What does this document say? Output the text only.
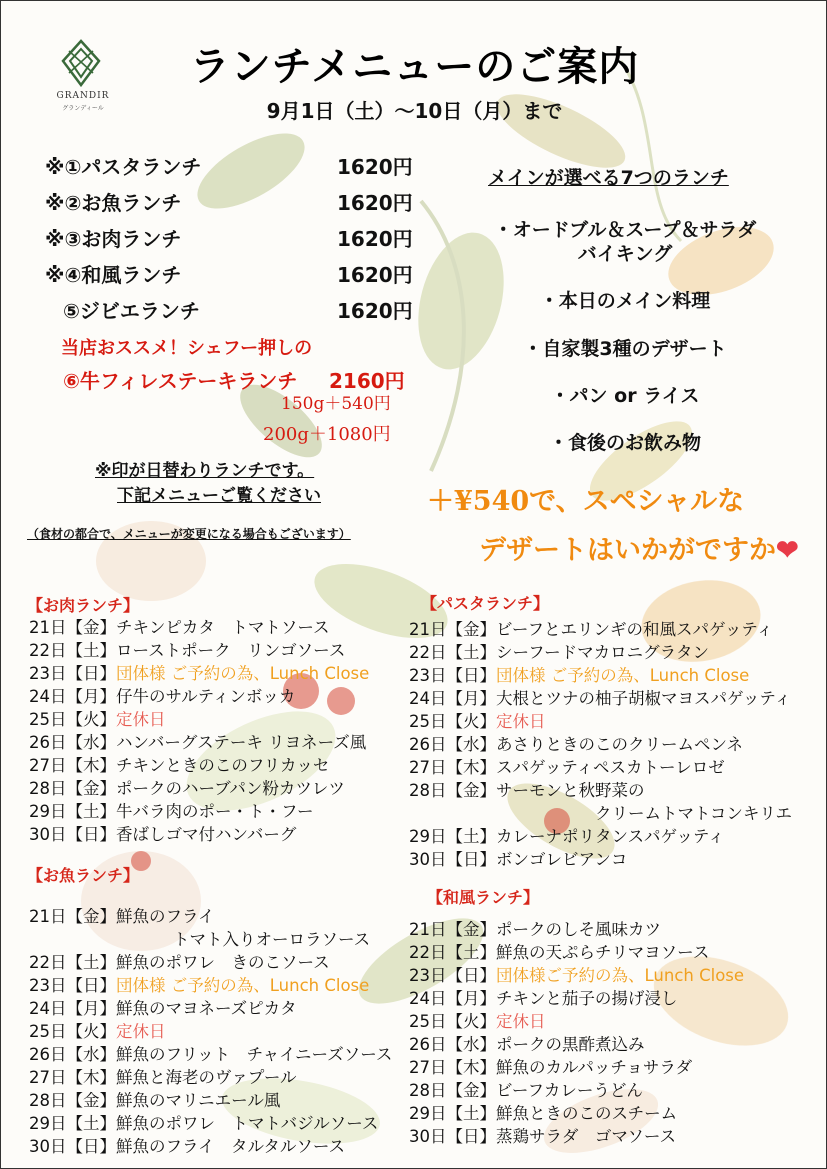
GRANDIR
グランディール
ランチメニューのご案内
9月1日（土）～10日（月）まで
※①パスタランチ	1620円
※②お魚ランチ	1620円
※③お肉ランチ	1620円
※④和風ランチ	1620円
⑤ジビエランチ	1620円
当店おススメ！シェフー押しの
⑥牛フィレステーキランチ 2160円
150g＋540円
200g＋1080円
※印が日替わりランチです。
下記メニューご覧ください
（食材の都合で、メニューが変更になる場合もございます）
メインが選べる7つのランチ
・オードブル＆スープ＆サラダ
バイキング
・本日のメイン料理
・自家製3種のデザート
・パン or ライス
・食後のお飲み物
＋¥540で、スペシャルな
デザートはいかがですか❤
【お肉ランチ】
21日【金】チキンピカタ　トマトソース
22日【土】ローストポーク　リンゴソース
23日【日】団体様 ご予約の為、Lunch Close
24日【月】仔牛のサルティンボッカ
25日【火】定休日
26日【水】ハンバーグステーキ リヨネーズ風
27日【木】チキンときのこのフリカッセ
28日【金】ポークのハーブパン粉カツレツ
29日【土】牛バラ肉のポー・ト・フー
30日【日】香ばしゴマ付ハンバーグ
【お魚ランチ】
21日【金】鮮魚のフライ
トマト入りオーロラソース
22日【土】鮮魚のポワレ　きのこソース
23日【日】団体様 ご予約の為、Lunch Close
24日【月】鮮魚のマヨネーズピカタ
25日【火】定休日
26日【水】鮮魚のフリット　チャイニーズソース
27日【木】鮮魚と海老のヴァプール
28日【金】鮮魚のマリニエール風
29日【土】鮮魚のポワレ　トマトバジルソース
30日【日】鮮魚のフライ　タルタルソース
【パスタランチ】
21日【金】ビーフとエリンギの和風スパゲッティ
22日【土】シーフードマカロニグラタン
23日【日】団体様 ご予約の為、Lunch Close
24日【月】大根とツナの柚子胡椒マヨスパゲッティ
25日【火】定休日
26日【水】あさりときのこのクリームペンネ
27日【木】スパゲッティペスカトーレロゼ
28日【金】サーモンと秋野菜の
クリームトマトコンキリエ
29日【土】カレーナポリタンスパゲッティ
30日【日】ボンゴレビアンコ
【和風ランチ】
21日【金】ポークのしそ風味カツ
22日【土】鮮魚の天ぷらチリマヨソース
23日【日】団体様ご予約の為、Lunch Close
24日【月】チキンと茄子の揚げ浸し
25日【火】定休日
26日【水】ポークの黒酢煮込み
27日【木】鮮魚のカルパッチョサラダ
28日【金】ビーフカレーうどん
29日【土】鮮魚ときのこのスチーム
30日【日】蒸鶏サラダ　ゴマソース
